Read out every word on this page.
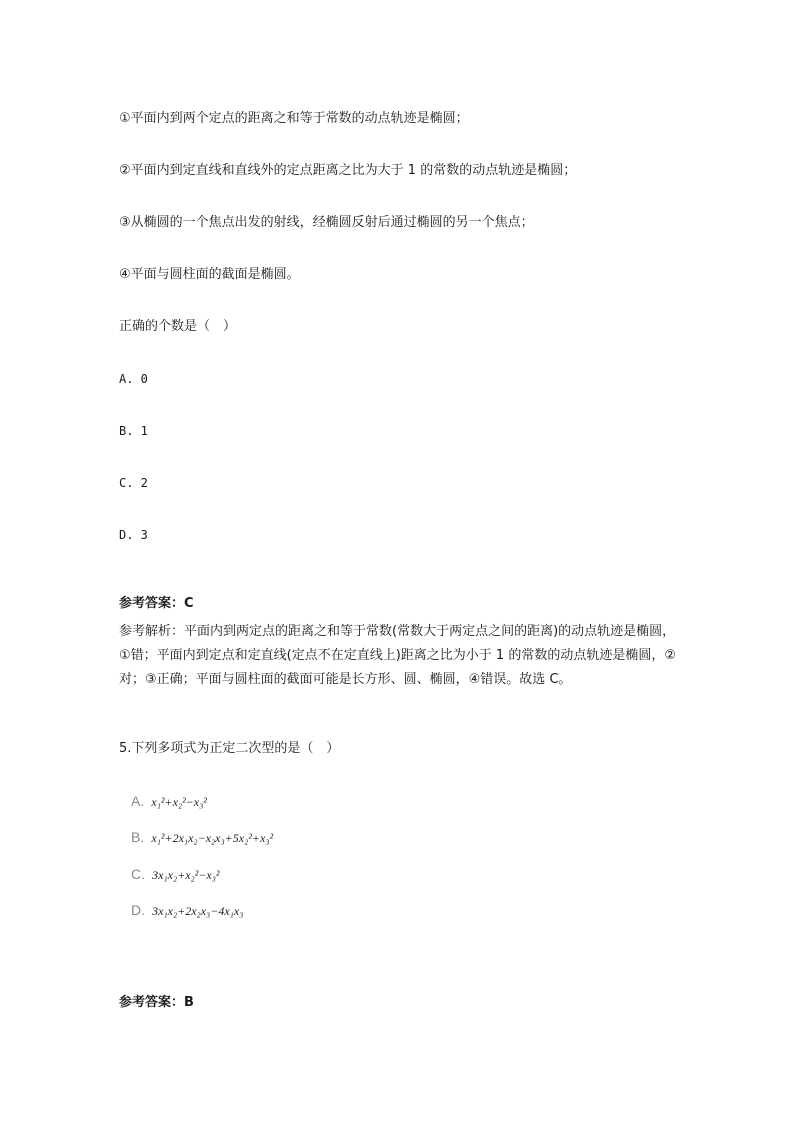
①平面内到两个定点的距离之和等于常数的动点轨迹是椭圆；
②平面内到定直线和直线外的定点距离之比为大于 1 的常数的动点轨迹是椭圆；
③从椭圆的一个焦点出发的射线，经椭圆反射后通过椭圆的另一个焦点；
④平面与圆柱面的截面是椭圆。
正确的个数是（　）
A. 0
B. 1
C. 2
D. 3
参考答案：C
参考解析：平面内到两定点的距离之和等于常数(常数大于两定点之间的距离)的动点轨迹是椭圆，①错；平面内到定点和定直线(定点不在定直线上)距离之比为小于 1 的常数的动点轨迹是椭圆，②对；③正确；平面与圆柱面的截面可能是长方形、圆、椭圆，④错误。故选 C。
5.下列多项式为正定二次型的是（　）
A. x₁²+x₂²−x₃²
B. x₁²+2x₁x₂−x₂x₃+5x₂²+x₃²
C. 3x₁x₂+x₂²−x₃²
D. 3x₁x₂+2x₂x₃−4x₁x₃
参考答案：B
